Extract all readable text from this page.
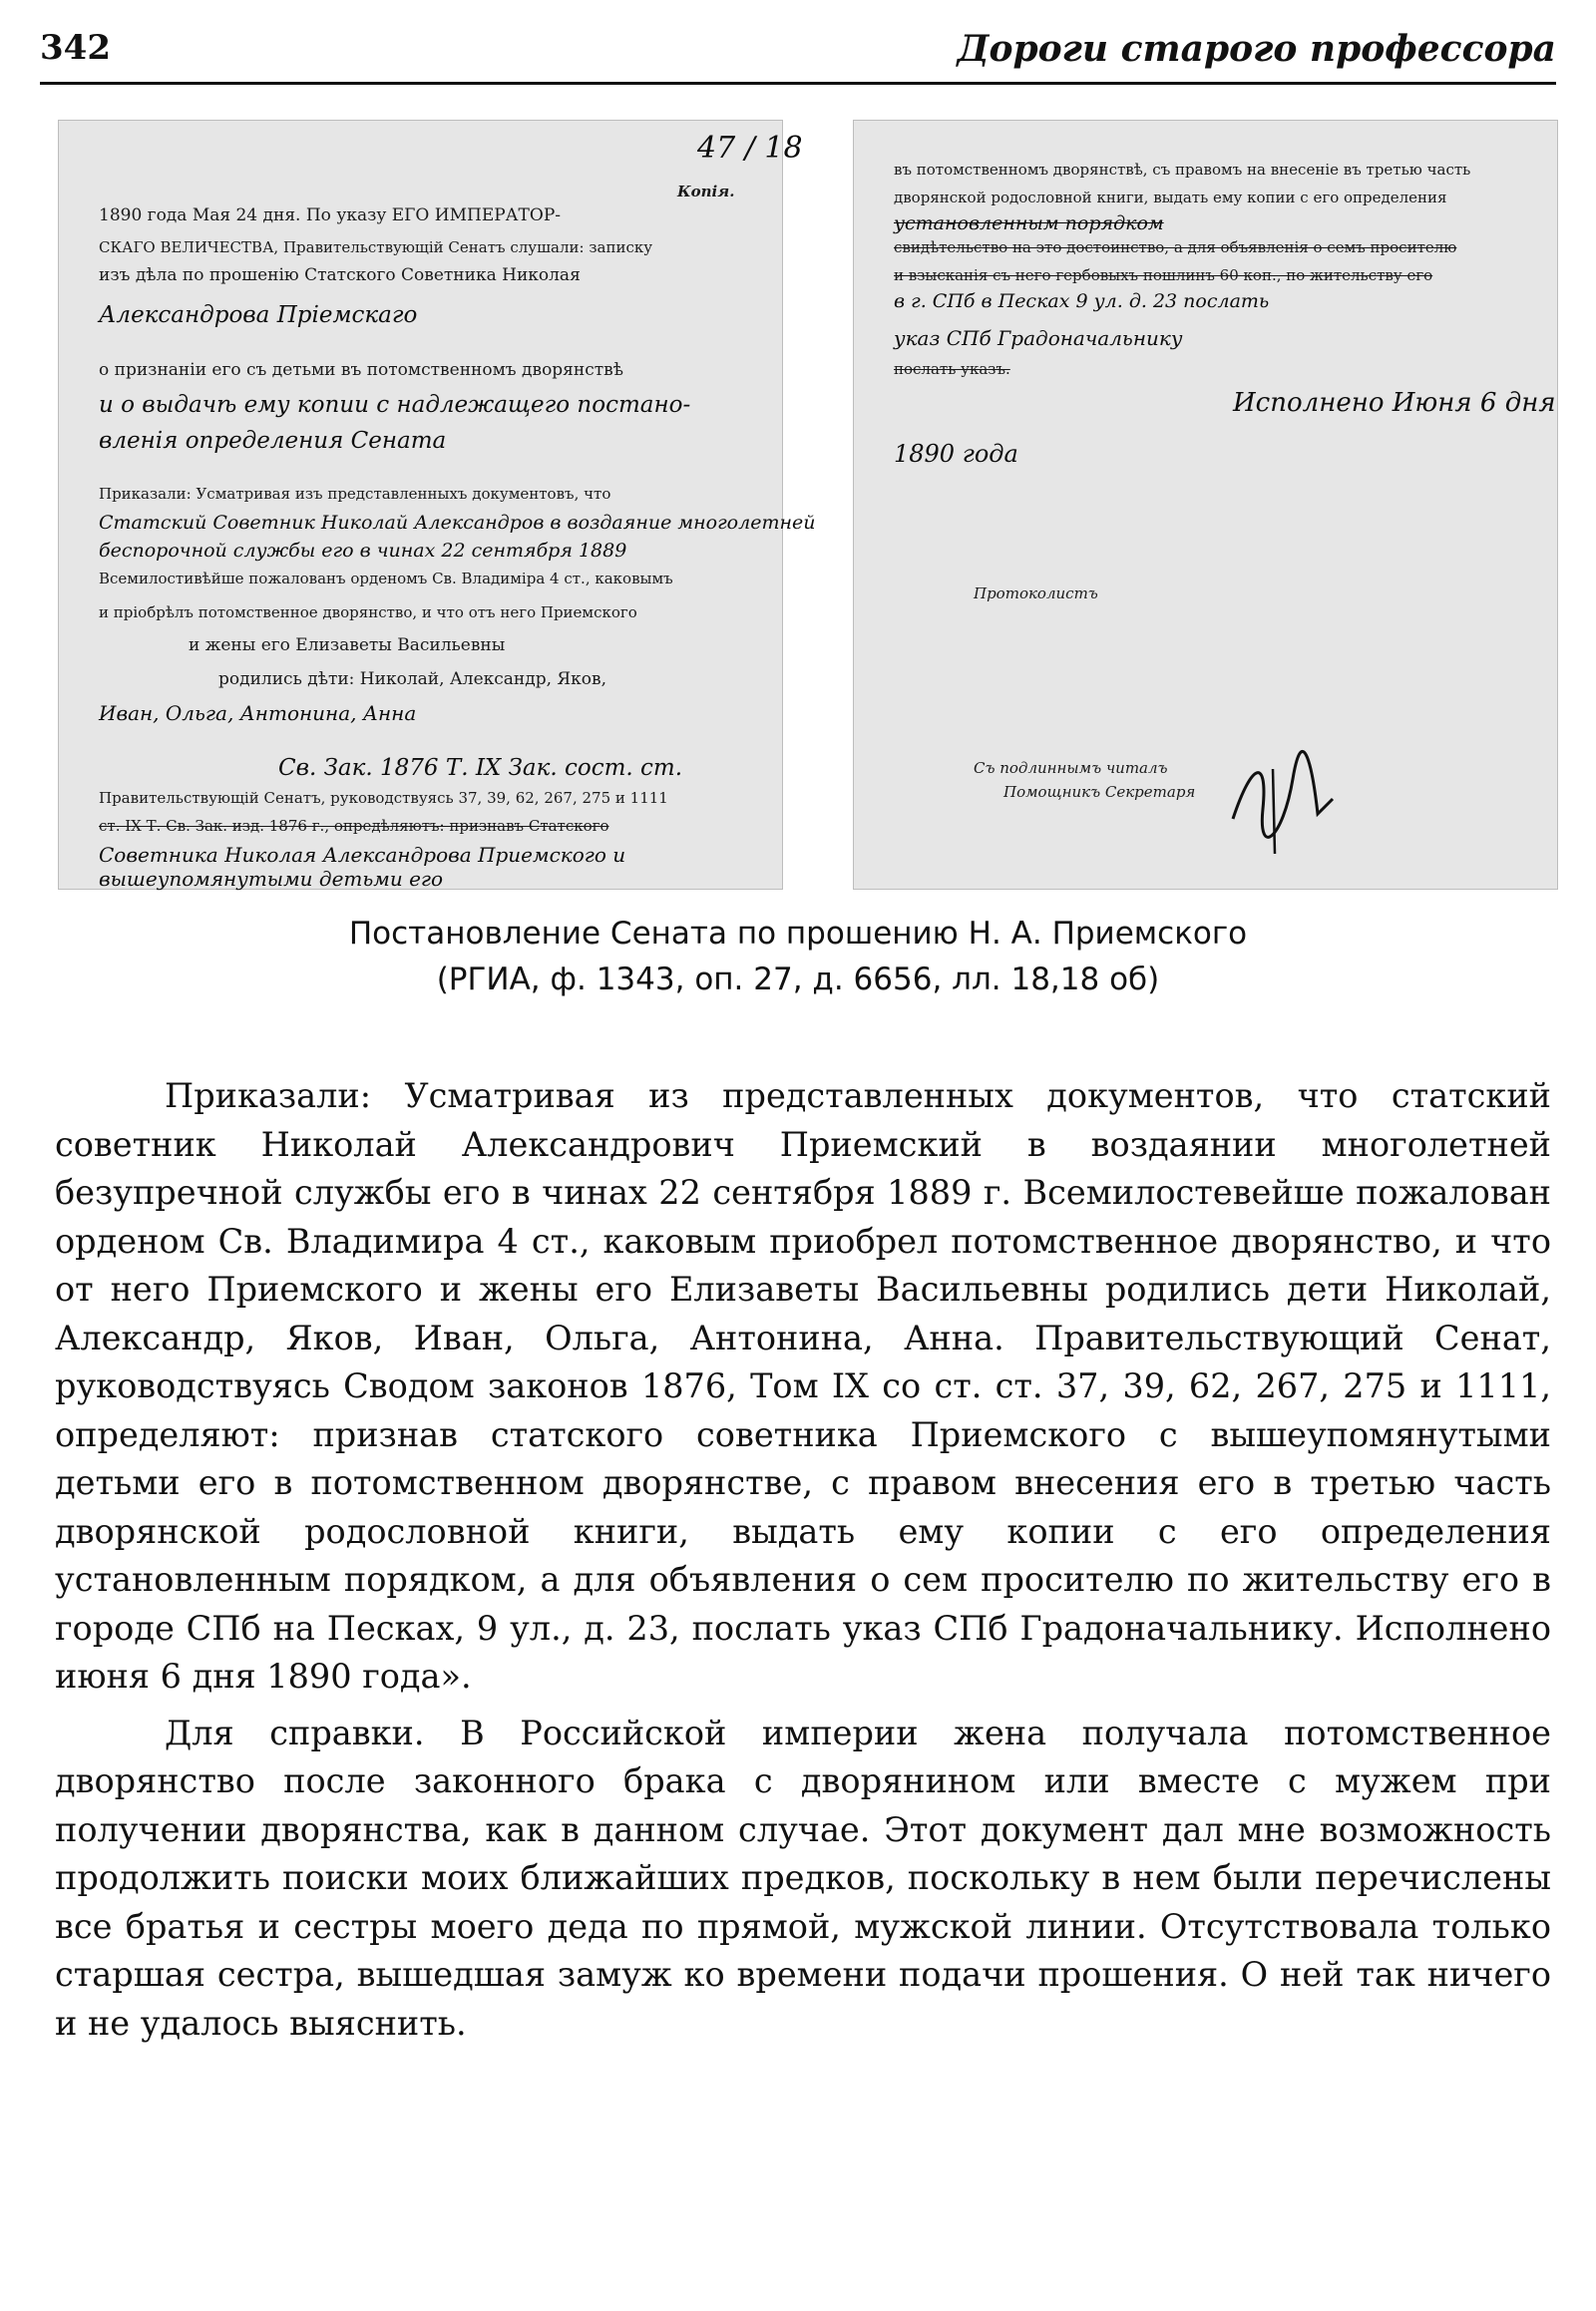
342	Дороги старого профессора
47 / 18
Копія.
1890 года Мая 24 дня. По указу ЕГО ИМПЕРАТОР-
СКАГО ВЕЛИЧЕСТВА, Правительствующій Сенатъ слушали: записку
изъ дѣла по прошенію Статского Советника Николая
Александрова Пріемскаго
о признаніи его съ детьми въ потомственномъ дворянствѣ
и о выдачѣ ему копии с надлежащего постано-
вленія определения Сената
Приказали: Усматривая изъ представленныхъ документовъ, что
Статский Советник Николай Александров в воздаяние многолетней
беспорочной службы его в чинах 22 сентября 1889
Всемилостивѣйше пожалованъ орденомъ Св. Владиміра 4 ст., каковымъ
и пріобрѣлъ потомственное дворянство, и что отъ него Приемского
и жены его Елизаветы Васильевны
родились дѣти: Николай, Александр, Яков,
Иван, Ольга, Антонина, Анна
Св. Зак. 1876 Т. IX Зак. сост. ст.
Правительствующій Сенатъ, руководствуясь 37, 39, 62, 267, 275 и 1111
ст. IX Т. Св. Зак. изд. 1876 г., опредѣляютъ: признавъ Статского
Советника Николая Александрова Приемского и
вышеупомянутыми детьми его
въ потомственномъ дворянствѣ, съ правомъ на внесеніе въ третью часть
дворянской родословной книги, выдать ему копии с его определения
установленным порядком
свидѣтельство на это достоинство, а для объявленія о семъ просителю
и взысканія съ него гербовыхъ пошлинъ 60 коп., по жительству его
в г. СПб в Песках 9 ул. д. 23 послать
указ СПб Градоначальнику
послать указъ.
Исполнено Июня 6 дня
1890 года
Протоколистъ
Съ подлиннымъ читалъ
Помощникъ Секретаря
Постановление Сената по прошению Н. А. Приемского
(РГИА, ф. 1343, оп. 27, д. 6656, лл. 18,18 об)

Приказали: Усматривая из представленных документов, что статский советник Николай Александрович Приемский в воздаянии многолетней безупречной службы его в чинах 22 сентября 1889 г. Всемилостевейше пожалован орденом Св. Владимира 4 ст., каковым приобрел потомственное дворянство, и что от него Приемского и жены его Елизаветы Васильевны родились дети Николай, Александр, Яков, Иван, Ольга, Антонина, Анна. Правительствующий Сенат, руководствуясь Сводом законов 1876, Том IX со ст. ст. 37, 39, 62, 267, 275 и 1111, определяют: признав статского советника Приемского с вышеупомянутыми детьми его в потомственном дворянстве, с правом внесения его в третью часть дворянской родословной книги, выдать ему копии с его определения установленным порядком, а для объявления о сем просителю по жительству его в городе СПб на Песках, 9 ул., д. 23, послать указ СПб Градоначальнику. Исполнено июня 6 дня 1890 года».

Для справки. В Российской империи жена получала потомственное дворянство после законного брака с дворянином или вместе с мужем при получении дворянства, как в данном случае. Этот документ дал мне возможность продолжить поиски моих ближайших предков, поскольку в нем были перечислены все братья и сестры моего деда по прямой, мужской линии. Отсутствовала только старшая сестра, вышедшая замуж ко времени подачи прошения. О ней так ничего и не удалось выяснить.
